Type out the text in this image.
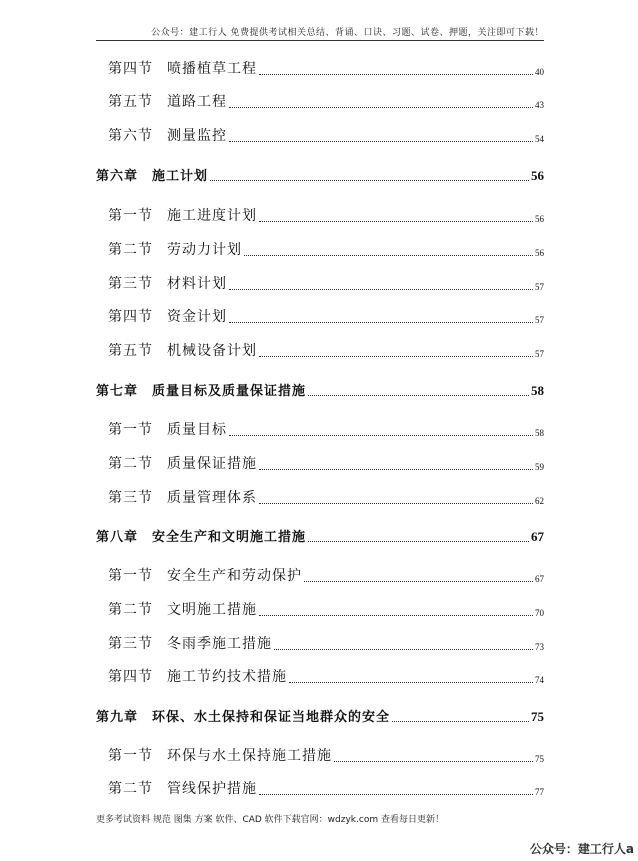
公众号：建工行人 免费提供考试相关总结、背诵、口诀、习题、试卷、押题，关注即可下载！
第四节 喷播植草工程	40
第五节 道路工程	43
第六节 测量监控	54
第六章 施工计划	56
第一节 施工进度计划	56
第二节 劳动力计划	56
第三节 材料计划	57
第四节 资金计划	57
第五节 机械设备计划	57
第七章 质量目标及质量保证措施	58
第一节 质量目标	58
第二节 质量保证措施	59
第三节 质量管理体系	62
第八章 安全生产和文明施工措施	67
第一节 安全生产和劳动保护	67
第二节 文明施工措施	70
第三节 冬雨季施工措施	73
第四节 施工节约技术措施	74
第九章 环保、水土保持和保证当地群众的安全	75
第一节 环保与水土保持施工措施	75
第二节 管线保护措施	77
更多考试资料 规范 图集 方案 软件、CAD 软件下载官网：wdzyk.com 查看每日更新！
公众号：建工行人a
